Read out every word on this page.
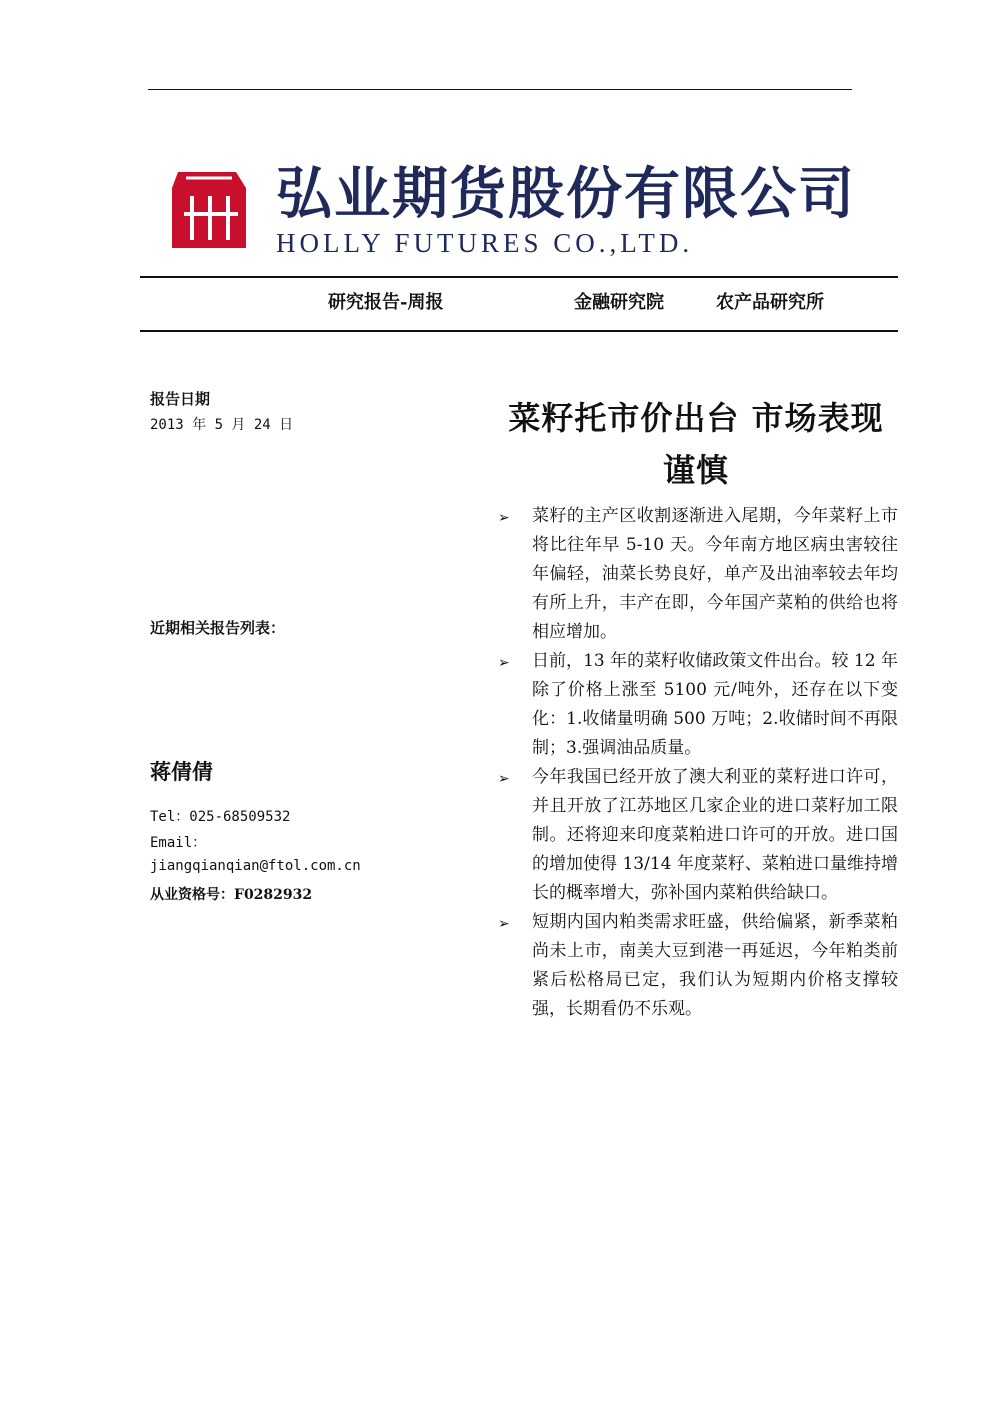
弘业期货股份有限公司
HOLLY FUTURES CO.,LTD.
研究报告-周报	金融研究院	农产品研究所
报告日期
2013 年 5 月 24 日
近期相关报告列表：
蒋倩倩
Tel：025-68509532
Email：
jiangqianqian@ftol.com.cn
从业资格号：F0282932
菜籽托市价出台 市场表现谨慎
➢ 菜籽的主产区收割逐渐进入尾期，今年菜籽上市将比往年早 5-10 天。今年南方地区病虫害较往年偏轻，油菜长势良好，单产及出油率较去年均有所上升，丰产在即，今年国产菜粕的供给也将相应增加。
➢ 日前，13 年的菜籽收储政策文件出台。较 12 年除了价格上涨至 5100 元/吨外，还存在以下变化：1.收储量明确 500 万吨；2.收储时间不再限制；3.强调油品质量。
➢ 今年我国已经开放了澳大利亚的菜籽进口许可，并且开放了江苏地区几家企业的进口菜籽加工限制。还将迎来印度菜粕进口许可的开放。进口国的增加使得 13/14 年度菜籽、菜粕进口量维持增长的概率增大，弥补国内菜粕供给缺口。
➢ 短期内国内粕类需求旺盛，供给偏紧，新季菜粕尚未上市，南美大豆到港一再延迟，今年粕类前紧后松格局已定，我们认为短期内价格支撑较强，长期看仍不乐观。
